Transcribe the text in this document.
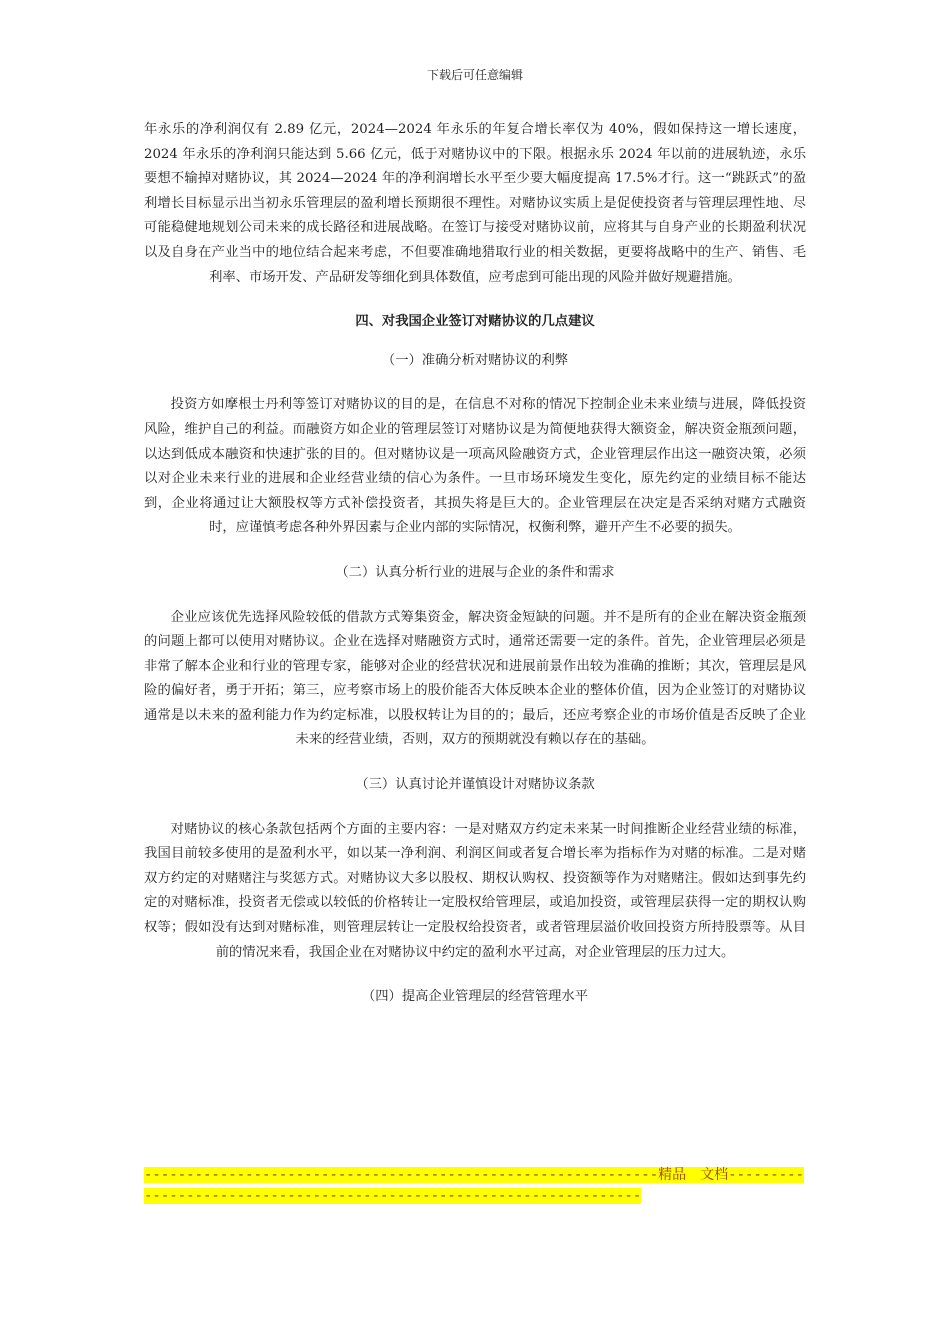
下载后可任意编辑

年永乐的净利润仅有 2.89 亿元，2024—2024 年永乐的年复合增长率仅为 40%，假如保持这一增长速度，2024 年永乐的净利润只能达到 5.66 亿元，低于对赌协议中的下限。根据永乐 2024 年以前的进展轨迹，永乐要想不输掉对赌协议，其 2024—2024 年的净利润增长水平至少要大幅度提高 17.5%才行。这一“跳跃式”的盈利增长目标显示出当初永乐管理层的盈利增长预期很不理性。对赌协议实质上是促使投资者与管理层理性地、尽可能稳健地规划公司未来的成长路径和进展战略。在签订与接受对赌协议前，应将其与自身产业的长期盈利状况以及自身在产业当中的地位结合起来考虑，不但要准确地猎取行业的相关数据，更要将战略中的生产、销售、毛利率、市场开发、产品研发等细化到具体数值，应考虑到可能出现的风险并做好规避措施。

四、对我国企业签订对赌协议的几点建议

（一）准确分析对赌协议的利弊

投资方如摩根士丹利等签订对赌协议的目的是，在信息不对称的情况下控制企业未来业绩与进展，降低投资风险，维护自己的利益。而融资方如企业的管理层签订对赌协议是为简便地获得大额资金，解决资金瓶颈问题，以达到低成本融资和快速扩张的目的。但对赌协议是一项高风险融资方式，企业管理层作出这一融资决策，必须以对企业未来行业的进展和企业经营业绩的信心为条件。一旦市场环境发生变化，原先约定的业绩目标不能达到，企业将通过让大额股权等方式补偿投资者，其损失将是巨大的。企业管理层在决定是否采纳对赌方式融资时，应谨慎考虑各种外界因素与企业内部的实际情况，权衡利弊，避开产生不必要的损失。

（二）认真分析行业的进展与企业的条件和需求

企业应该优先选择风险较低的借款方式筹集资金，解决资金短缺的问题。并不是所有的企业在解决资金瓶颈的问题上都可以使用对赌协议。企业在选择对赌融资方式时，通常还需要一定的条件。首先，企业管理层必须是非常了解本企业和行业的管理专家，能够对企业的经营状况和进展前景作出较为准确的推断；其次，管理层是风险的偏好者，勇于开拓；第三，应考察市场上的股价能否大体反映本企业的整体价值，因为企业签订的对赌协议通常是以未来的盈利能力作为约定标准，以股权转让为目的的；最后，还应考察企业的市场价值是否反映了企业未来的经营业绩，否则，双方的预期就没有赖以存在的基础。

（三）认真讨论并谨慎设计对赌协议条款

对赌协议的核心条款包括两个方面的主要内容：一是对赌双方约定未来某一时间推断企业经营业绩的标准，我国目前较多使用的是盈利水平，如以某一净利润、利润区间或者复合增长率为指标作为对赌的标准。二是对赌双方约定的对赌赌注与奖惩方式。对赌协议大多以股权、期权认购权、投资额等作为对赌赌注。假如达到事先约定的对赌标准，投资者无偿或以较低的价格转让一定股权给管理层，或追加投资，或管理层获得一定的期权认购权等；假如没有达到对赌标准，则管理层转让一定股权给投资者，或者管理层溢价收回投资方所持股票等。从目前的情况来看，我国企业在对赌协议中约定的盈利水平过高，对企业管理层的压力过大。

（四）提高企业管理层的经营管理水平

-------------------------------------------------------------精品　文档--------------------------------------------------------------------
